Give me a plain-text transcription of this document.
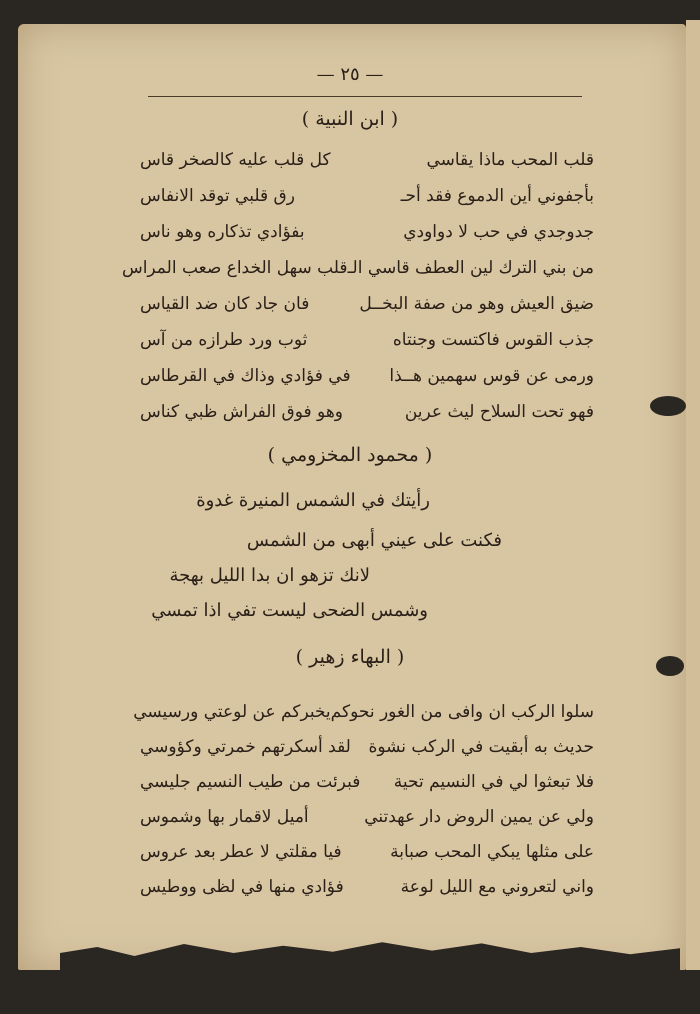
— ٢٥ —
( ابن النبية )
قلب المحب ماذا يقاسي
كل قلب عليه كالصخر قاس
بأجفوني أين الدموع فقد أحـ
رق قلبي توقد الانفاس
جدوجدي في حب لا دواودي
بفؤادي تذكاره وهو ناس
من بني الترك لين العطف قاسي الـ
قلب سهل الخداع صعب المراس
ضيق العيش وهو من صفة البخــل
فان جاد كان ضد القياس
جذب القوس فاكتست وجنتاه
ثوب ورد طرازه من آس
ورمى عن قوس سهمين هــذا
في فؤادي وذاك في القرطاس
فهو تحت السلاح ليث عرين
وهو فوق الفراش ظبي كناس
( محمود المخزومي )
رأيتك في الشمس المنيرة غدوة
فكنت على عيني أبهى من الشمس
لانك تزهو ان بدا الليل بهجة
وشمس الضحى ليست تفي اذا تمسي
( البهاء زهير )
سلوا الركب ان وافى من الغور نحوكم
يخبركم عن لوعتي ورسيسي
حديث به أبقيت في الركب نشوة
لقد أسكرتهم خمرتي وكؤوسي
فلا تبعثوا لي في النسيم تحية
فبرئت من طيب النسيم جليسي
ولي عن يمين الروض دار عهدتني
أميل لاقمار بها وشموس
على مثلها يبكي المحب صبابة
فيا مقلتي لا عطر بعد عروس
واني لتعروني مع الليل لوعة
فؤادي منها في لظى ووطيس
